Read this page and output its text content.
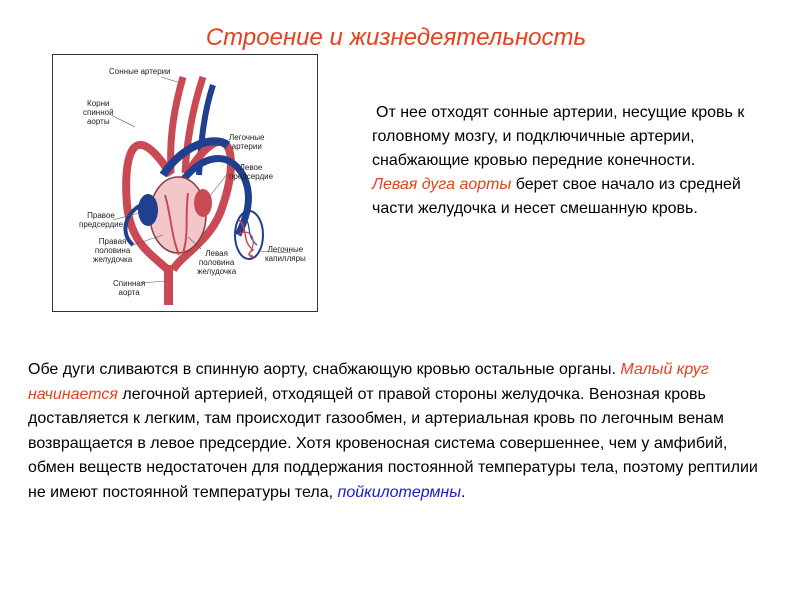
Строение и жизнедеятельность
Сонные артерии
Корни
спинной
аорты
Легочные
артерии
Левое
предсердие
Правое
предсердие
Правая
половина
желудочка
Левая
половина
желудочка
Спинная
аорта
Легочные
капилляры
От нее отходят сонные артерии, несущие кровь к головному мозгу, и подключичные артерии, снабжающие кровью передние конечности.
Левая дуга аорты берет свое начало из средней части желудочка и несет смешанную кровь.
Обе дуги сливаются в спинную аорту, снабжающую кровью остальные органы. Малый круг начинается легочной артерией, отходящей от правой стороны желудочка. Венозная кровь доставляется к легким, там происходит газообмен, и артериальная кровь по легочным венам возвращается в левое предсердие. Хотя кровеносная система совершеннее, чем у амфибий, обмен веществ недостаточен для поддержания постоянной температуры тела, поэтому рептилии не имеют постоянной температуры тела, пойкилотермны.
